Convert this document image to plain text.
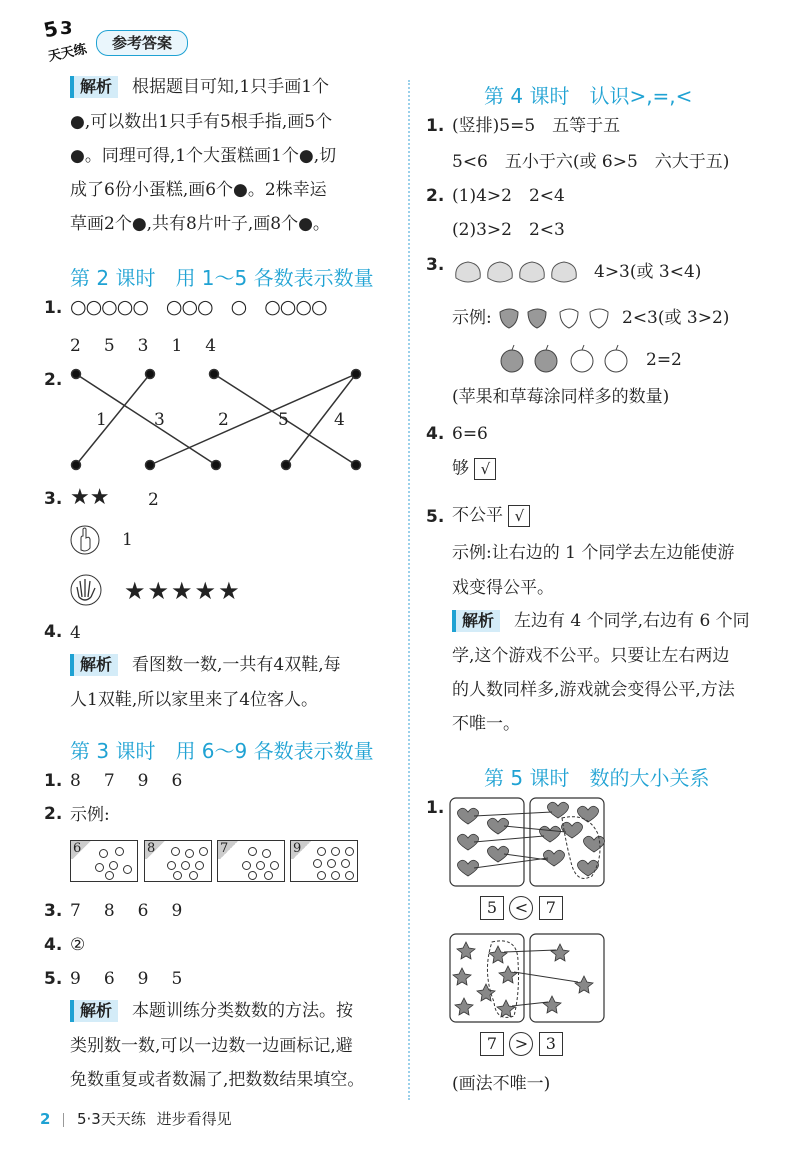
5 3
天天练	参考答案
解析 根据题目可知,1只手画1个
●,可以数出1只手有5根手指,画5个
●。同理可得,1个大蛋糕画1个●,切
成了6份小蛋糕,画6个●。2株幸运
草画2个●,共有8片叶子,画8个●。
第 2 课时　用 1～5 各数表示数量
1. ○○○○○　○○○　○　○○○○
2　5　3　1　4
2.
1	3	2	5	4
3. ★★ 2
1
★★★★★
4. 4
解析 看图数一数,一共有4双鞋,每
人1双鞋,所以家里来了4位客人。
第 3 课时　用 6～9 各数表示数量
1. 8　7　9　6
2. 示例:
6	8	7	9
3. 7　8　6　9
4. ②
5. 9　6　9　5
解析 本题训练分类数数的方法。按
类别数一数,可以一边数一边画标记,避
免数重复或者数漏了,把数数结果填空。
第 4 课时　认识>,=,<
1. (竖排)5=5　五等于五
5<6　五小于六(或 6>5　六大于五)
2. (1)4>2　2<4
(2)3>2　2<3
3.	4>3(或 3<4)
示例:	2<3(或 3>2)
2=2
(苹果和草莓涂同样多的数量)
4. 6=6
够 √
5. 不公平 √
示例:让右边的 1 个同学去左边能使游
戏变得公平。
解析 左边有 4 个同学,右边有 6 个同
学,这个游戏不公平。只要让左右两边
的人数同样多,游戏就会变得公平,方法
不唯一。
第 5 课时　数的大小关系
1.
5 < 7
7 > 3
(画法不唯一)
2 5·3天天练 进步看得见
